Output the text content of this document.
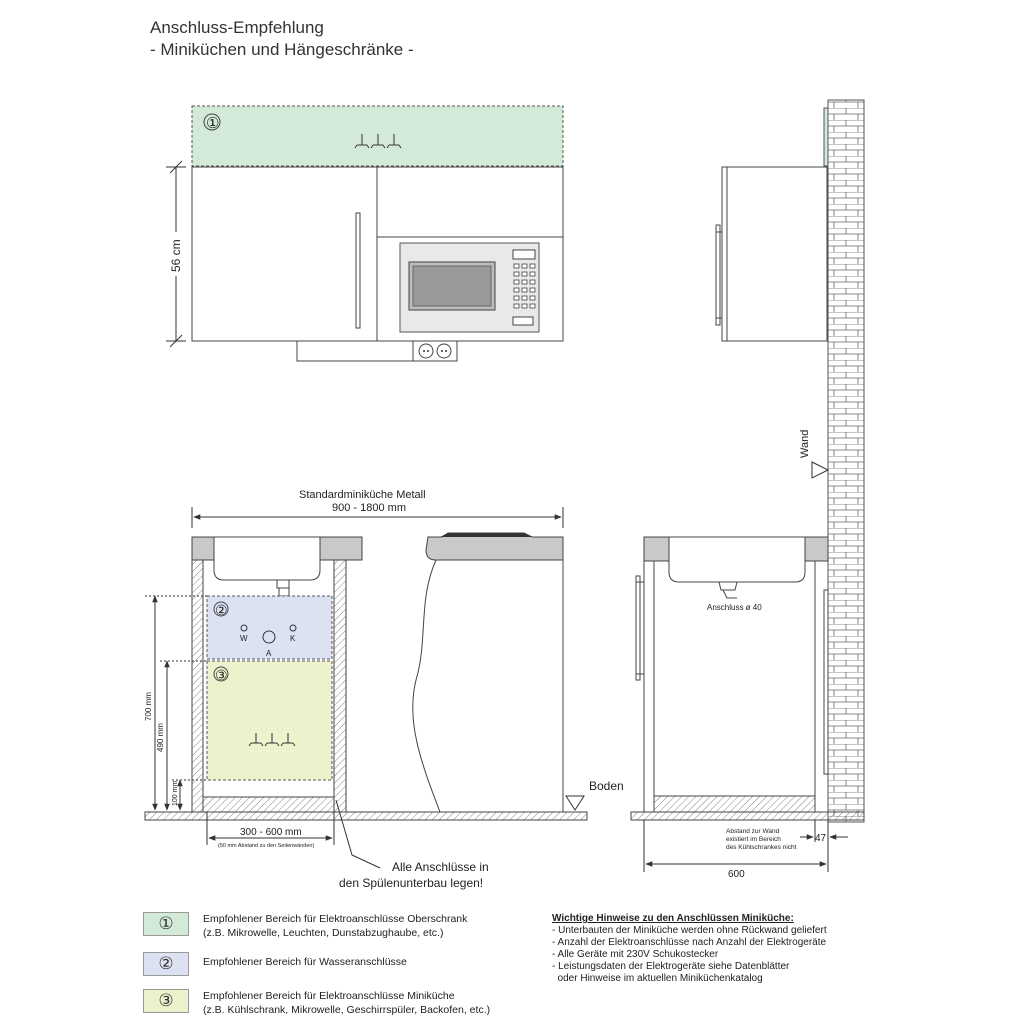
Anschluss-Empfehlung
- Miniküchen und Hängeschränke -
Wand
①
56 cm
Standardminiküche Metall
900 - 1800 mm
②
W	K
A
③
700 mm
490 mm
100 mm
300 - 600 mm
(50 mm Abstand zu den Seitenwänden)
Alle Anschlüsse in
den Spülenunterbau legen!
Boden
Anschluss ø 40
600
47
Abstand zur Wand
existiert im Bereich
des Kühlschrankes nicht
①	Empfohlener Bereich für Elektroanschlüsse Oberschrank
(z.B. Mikrowelle, Leuchten, Dunstabzughaube, etc.)
②	Empfohlener Bereich für Wasseranschlüsse
③	Empfohlener Bereich für Elektroanschlüsse Miniküche
(z.B. Kühlschrank, Mikrowelle, Geschirrspüler, Backofen, etc.)
Wichtige Hinweise zu den Anschlüssen Miniküche:
- Unterbauten der Miniküche werden ohne Rückwand geliefert
- Anzahl der Elektroanschlüsse nach Anzahl der Elektrogeräte
- Alle Geräte mit 230V Schukostecker
- Leistungsdaten der Elektrogeräte siehe Datenblätter
oder Hinweise im aktuellen Miniküchenkatalog
